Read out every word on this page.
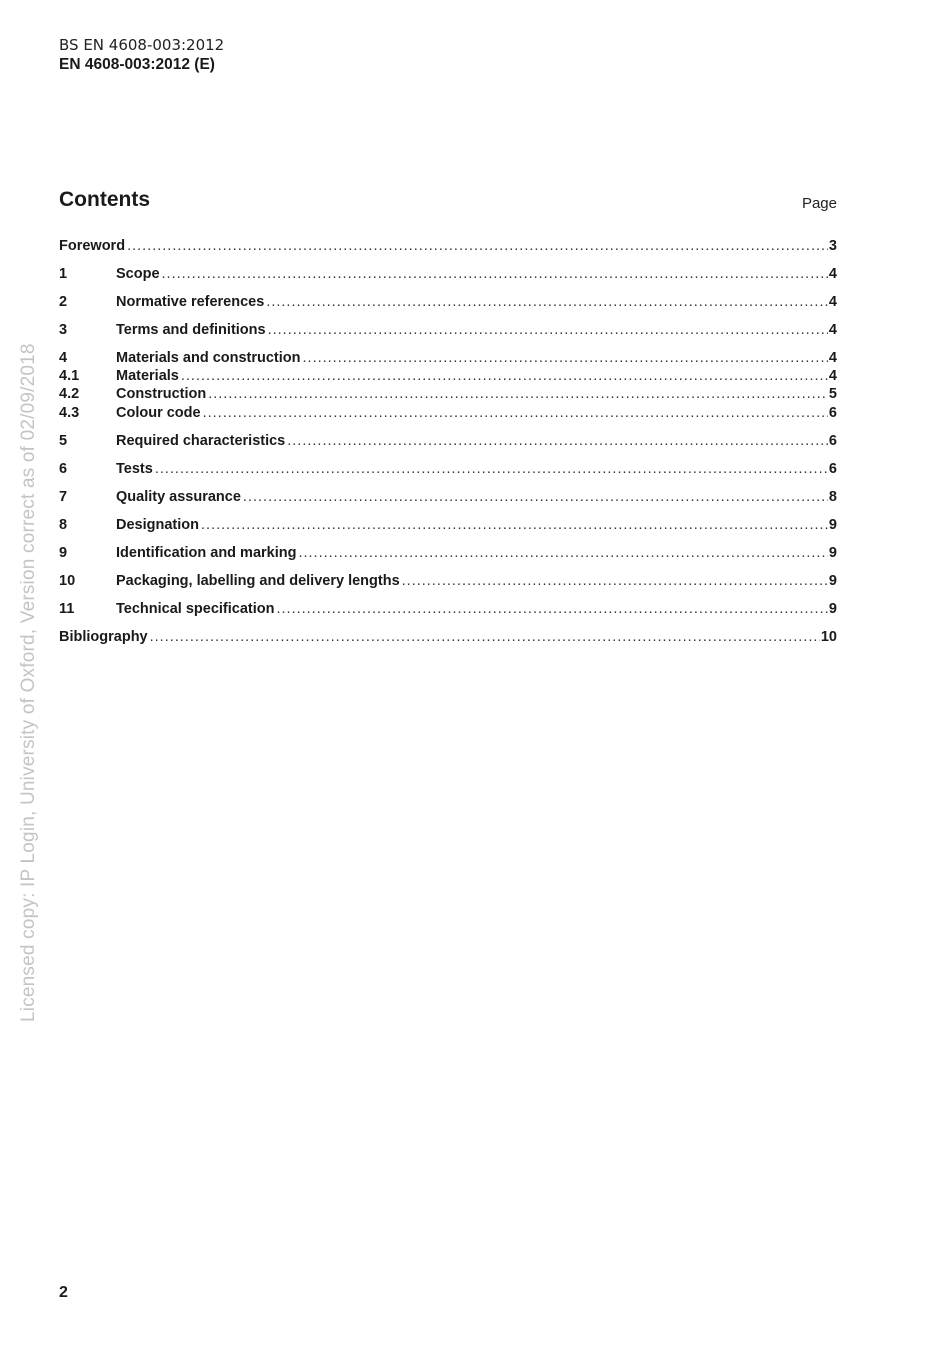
BS EN 4608-003:2012
EN 4608-003:2012 (E)
Contents	Page
Foreword .....	3
1	Scope .....	4
2	Normative references .....	4
3	Terms and definitions .....	4
4	Materials and construction .....	4
4.1	Materials .....	4
4.2	Construction .....	5
4.3	Colour code .....	6
5	Required characteristics .....	6
6	Tests .....	6
7	Quality assurance .....	8
8	Designation .....	9
9	Identification and marking .....	9
10	Packaging, labelling and delivery lengths .....	9
11	Technical specification .....	9
Bibliography .....	10
Licensed copy: IP Login, University of Oxford, Version correct as of 02/09/2018
2
